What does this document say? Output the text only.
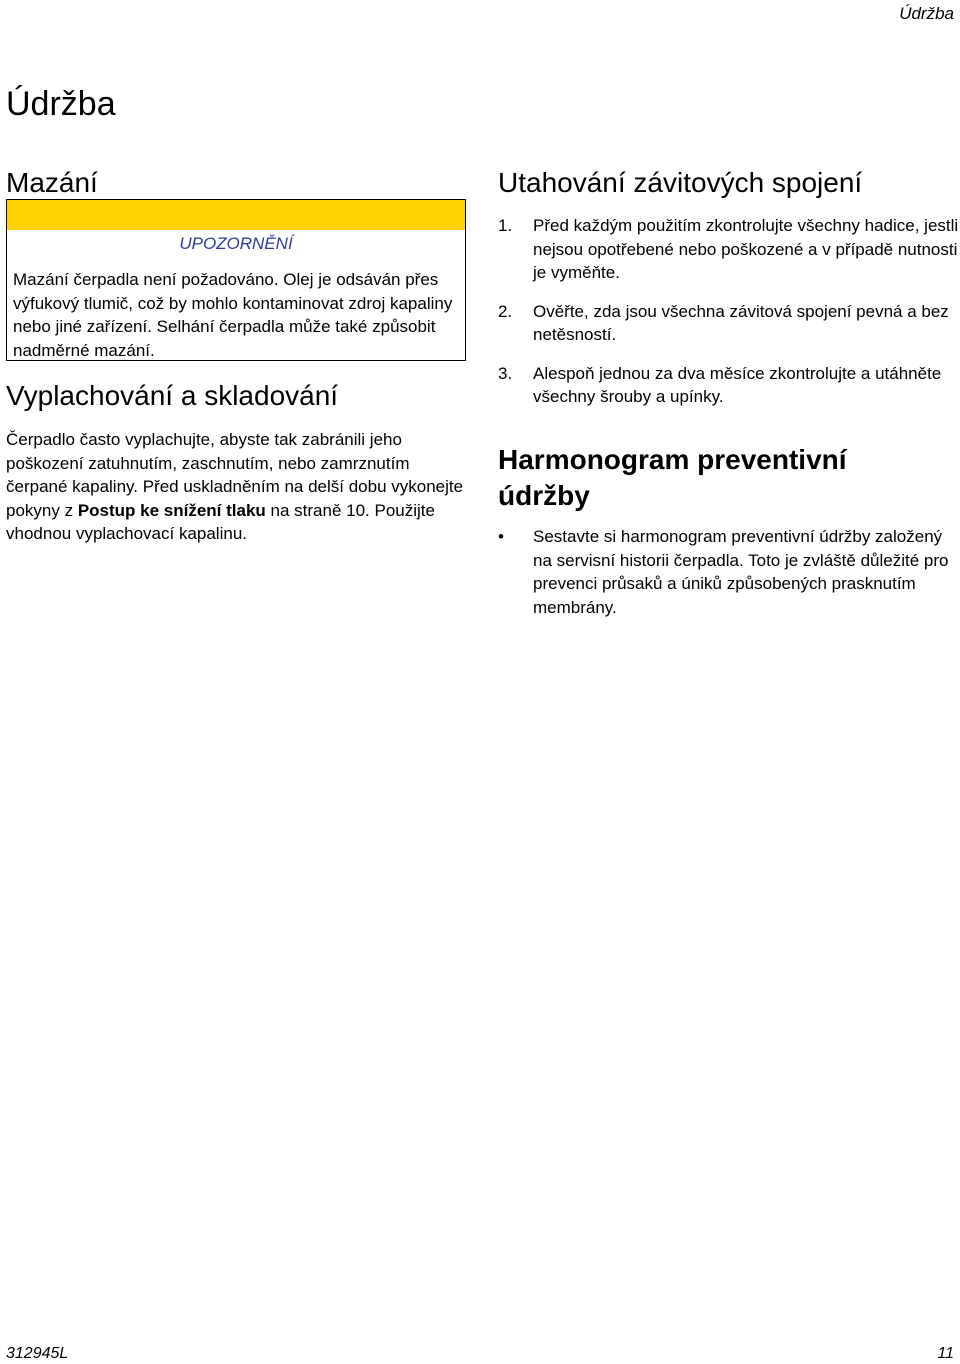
Údržba
Údržba
Mazání
UPOZORNĚNÍ

Mazání čerpadla není požadováno. Olej je odsáván přes výfukový tlumič, což by mohlo kontaminovat zdroj kapaliny nebo jiné zařízení. Selhání čerpadla může také způsobit nadměrné mazání.

Vyplachování a skladování

Čerpadlo často vyplachujte, abyste tak zabránili jeho poškození zatuhnutím, zaschnutím, nebo zamrznutím čerpané kapaliny. Před uskladněním na delší dobu vykonejte pokyny z Postup ke snížení tlaku na straně 10. Použijte vhodnou vyplachovací kapalinu.

Utahování závitových spojení
1. Před každým použitím zkontrolujte všechny hadice, jestli nejsou opotřebené nebo poškozené a v případě nutnosti je vyměňte.
2. Ověřte, zda jsou všechna závitová spojení pevná a bez netěsností.
3. Alespoň jednou za dva měsíce zkontrolujte a utáhněte všechny šrouby a upínky.
Harmonogram preventivní
údržby
• Sestavte si harmonogram preventivní údržby založený na servisní historii čerpadla. Toto je zvláště důležité pro prevenci průsaků a úniků způsobených prasknutím membrány.
312945L	11
